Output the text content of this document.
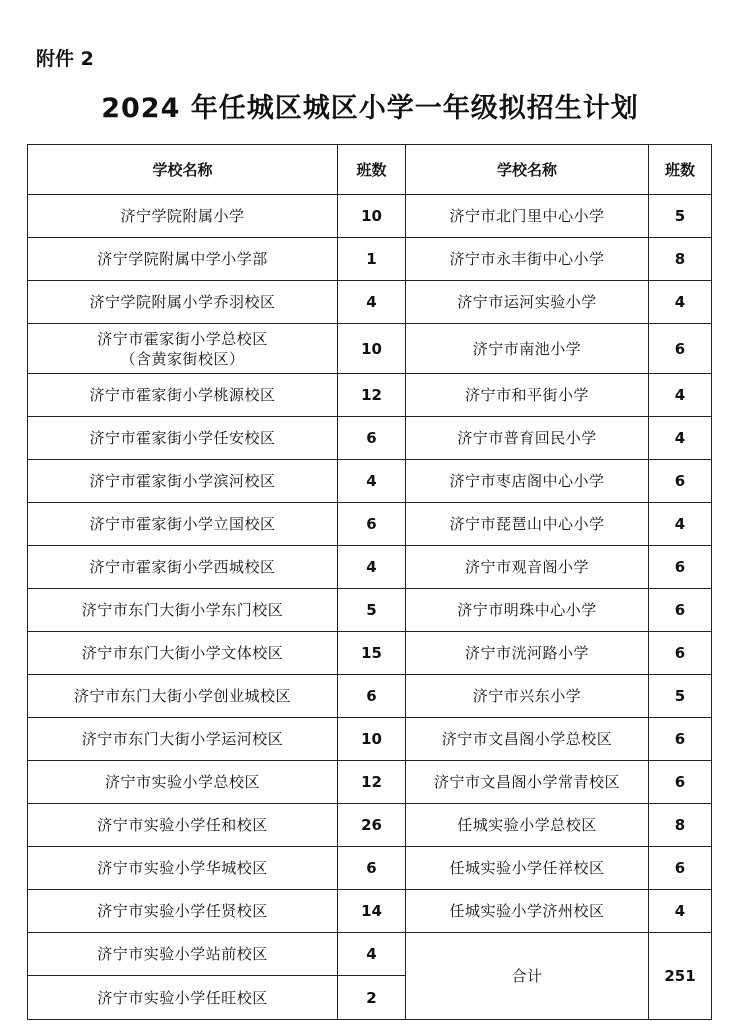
附件 2
2024 年任城区城区小学一年级拟招生计划
学校名称	班数	学校名称	班数

济宁学院附属小学	10	济宁市北门里中心小学	5

济宁学院附属中学小学部	1	济宁市永丰街中心小学	8

济宁学院附属小学乔羽校区	4	济宁市运河实验小学	4

济宁市霍家街小学总校区
（含黄家街校区）	10	济宁市南池小学	6

济宁市霍家街小学桃源校区	12	济宁市和平街小学	4

济宁市霍家街小学任安校区	6	济宁市普育回民小学	4

济宁市霍家街小学滨河校区	4	济宁市枣店阁中心小学	6

济宁市霍家街小学立国校区	6	济宁市琵琶山中心小学	4

济宁市霍家街小学西城校区	4	济宁市观音阁小学	6

济宁市东门大街小学东门校区	5	济宁市明珠中心小学	6

济宁市东门大街小学文体校区	15	济宁市洸河路小学	6

济宁市东门大街小学创业城校区	6	济宁市兴东小学	5

济宁市东门大街小学运河校区	10	济宁市文昌阁小学总校区	6

济宁市实验小学总校区	12	济宁市文昌阁小学常青校区	6

济宁市实验小学任和校区	26	任城实验小学总校区	8

济宁市实验小学华城校区	6	任城实验小学任祥校区	6

济宁市实验小学任贤校区	14	任城实验小学济州校区	4

济宁市实验小学站前校区	4	合计	251

济宁市实验小学任旺校区	2		
